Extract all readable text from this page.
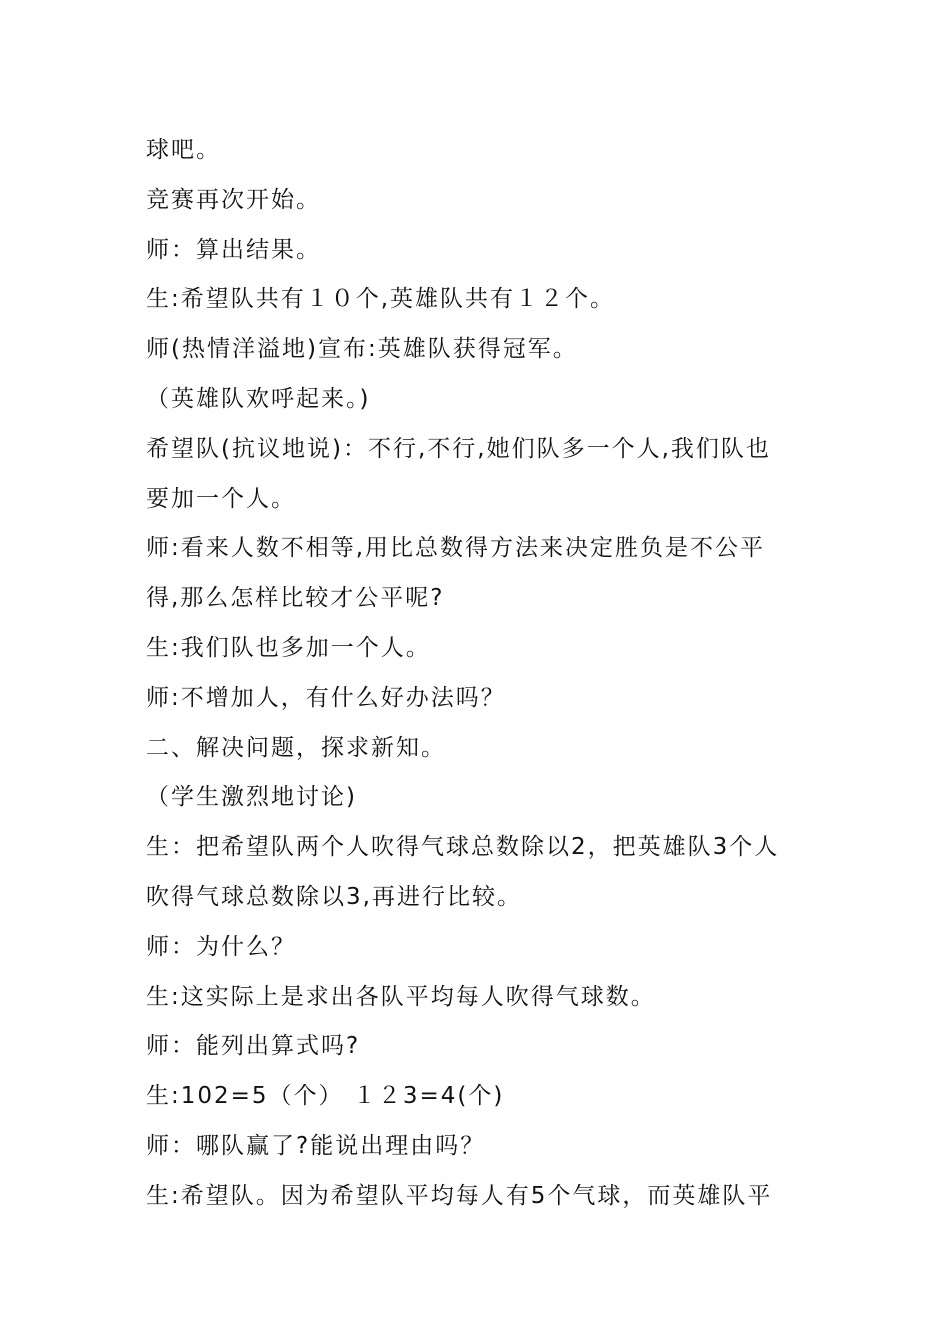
球吧。
竞赛再次开始。
师：算出结果。
生:希望队共有１０个,英雄队共有１２个。
师(热情洋溢地)宣布:英雄队获得冠军。
（英雄队欢呼起来。)
希望队(抗议地说)：不行,不行,她们队多一个人,我们队也
要加一个人。
师:看来人数不相等,用比总数得方法来决定胜负是不公平
得,那么怎样比较才公平呢?
生:我们队也多加一个人。
师:不增加人，有什么好办法吗？
二、解决问题，探求新知。
（学生激烈地讨论)
生：把希望队两个人吹得气球总数除以2，把英雄队3个人
吹得气球总数除以3,再进行比较。
师：为什么？
生:这实际上是求出各队平均每人吹得气球数。
师：能列出算式吗?
生:102=5（个） １２3=4(个)
师：哪队赢了?能说出理由吗？
生:希望队。因为希望队平均每人有5个气球，而英雄队平
